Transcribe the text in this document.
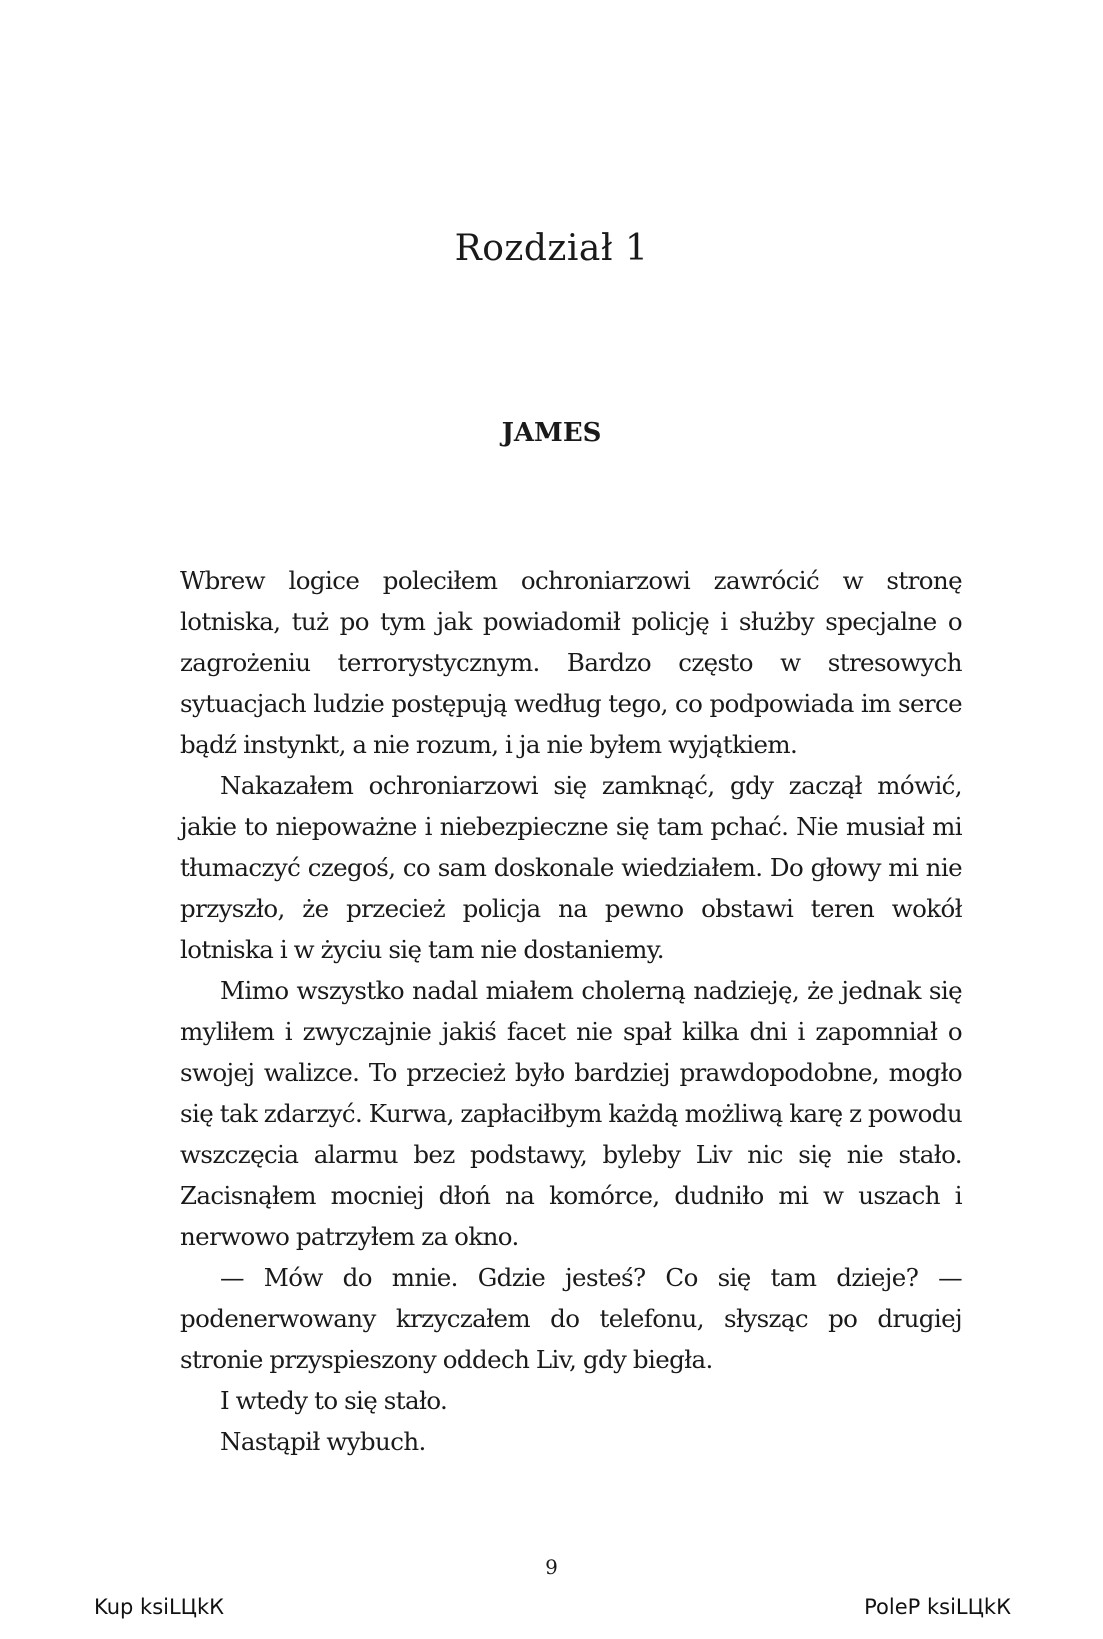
Rozdział 1
JAMES

Wbrew logice poleciłem ochroniarzowi zawrócić w stronę lotniska, tuż po tym jak powiadomił policję i służby specjalne o zagrożeniu terrorystycznym. Bardzo często w stresowych sytuacjach ludzie postępują według tego, co podpowiada im serce bądź instynkt, a nie rozum, i ja nie byłem wyjątkiem.

Nakazałem ochroniarzowi się zamknąć, gdy zaczął mówić, jakie to niepoważne i niebezpieczne się tam pchać. Nie musiał mi tłumaczyć czegoś, co sam doskonale wiedziałem. Do głowy mi nie przyszło, że przecież policja na pewno obstawi teren wokół lotniska i w życiu się tam nie dostaniemy.

Mimo wszystko nadal miałem cholerną nadzieję, że jednak się myliłem i zwyczajnie jakiś facet nie spał kilka dni i zapomniał o swojej walizce. To przecież było bardziej prawdopodobne, mogło się tak zdarzyć. Kurwa, zapłaciłbym każdą możliwą karę z powodu wszczęcia alarmu bez podstawy, byleby Liv nic się nie stało. Zacisnąłem mocniej dłoń na komórce, dudniło mi w uszach i nerwowo patrzyłem za okno.

— Mów do mnie. Gdzie jesteś? Co się tam dzieje? — podenerwowany krzyczałem do telefonu, słysząc po drugiej stronie przyspieszony oddech Liv, gdy biegła.

I wtedy to się stało.

Nastąpił wybuch.

9
Kup ksiLЦkК	PoleP ksiLЦkК
